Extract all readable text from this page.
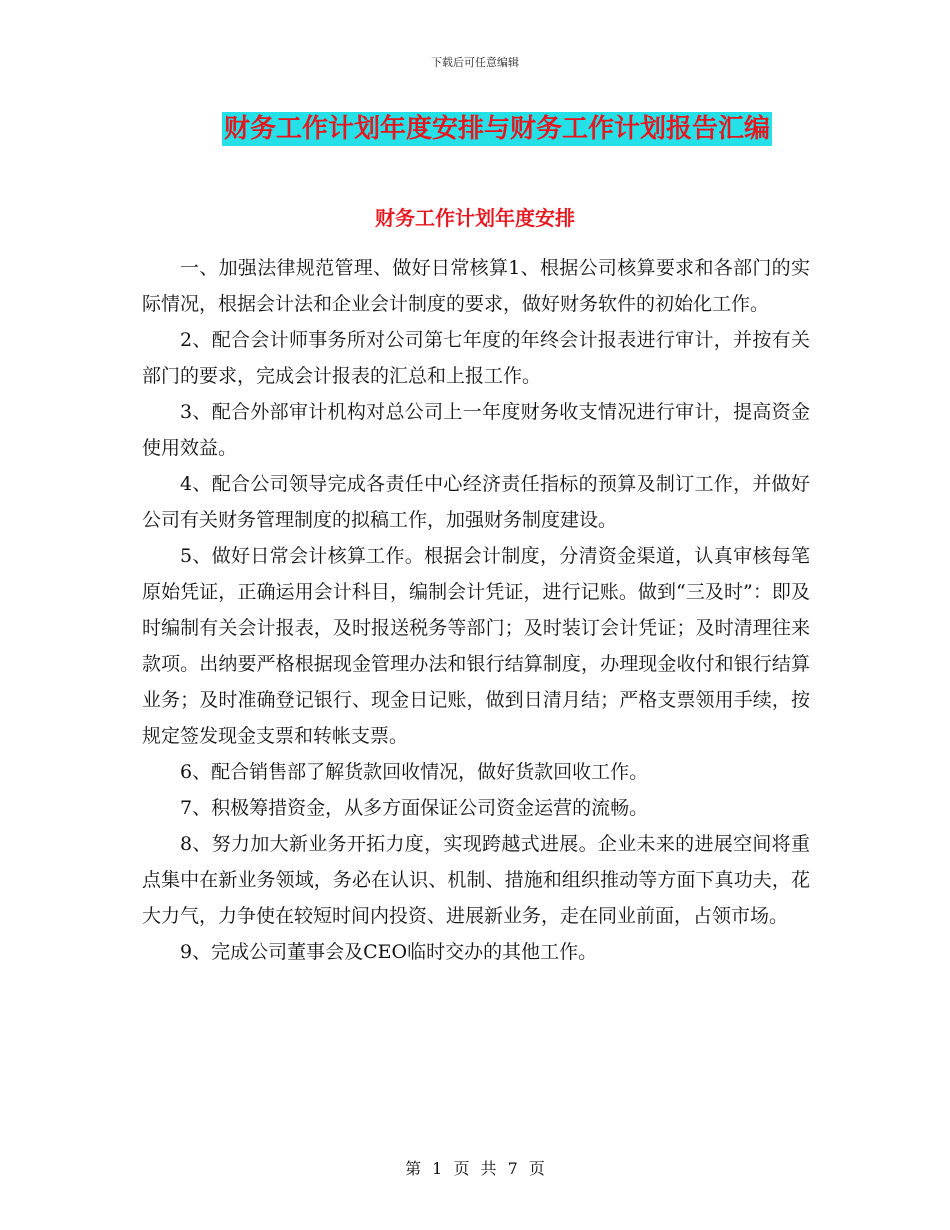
下载后可任意编辑
财务工作计划年度安排与财务工作计划报告汇编
财务工作计划年度安排

一、加强法律规范管理、做好日常核算1、根据公司核算要求和各部门的实际情况，根据会计法和企业会计制度的要求，做好财务软件的初始化工作。

2、配合会计师事务所对公司第七年度的年终会计报表进行审计，并按有关部门的要求，完成会计报表的汇总和上报工作。

3、配合外部审计机构对总公司上一年度财务收支情况进行审计，提高资金使用效益。

4、配合公司领导完成各责任中心经济责任指标的预算及制订工作，并做好公司有关财务管理制度的拟稿工作，加强财务制度建设。

5、做好日常会计核算工作。根据会计制度，分清资金渠道，认真审核每笔原始凭证，正确运用会计科目，编制会计凭证，进行记账。做到“三及时”：即及时编制有关会计报表，及时报送税务等部门；及时装订会计凭证；及时清理往来款项。出纳要严格根据现金管理办法和银行结算制度，办理现金收付和银行结算业务；及时准确登记银行、现金日记账，做到日清月结；严格支票领用手续，按规定签发现金支票和转帐支票。

6、配合销售部了解货款回收情况，做好货款回收工作。

7、积极筹措资金，从多方面保证公司资金运营的流畅。

8、努力加大新业务开拓力度，实现跨越式进展。企业未来的进展空间将重点集中在新业务领域，务必在认识、机制、措施和组织推动等方面下真功夫，花大力气，力争使在较短时间内投资、进展新业务，走在同业前面，占领市场。

9、完成公司董事会及CEO临时交办的其他工作。

第 1 页 共 7 页
